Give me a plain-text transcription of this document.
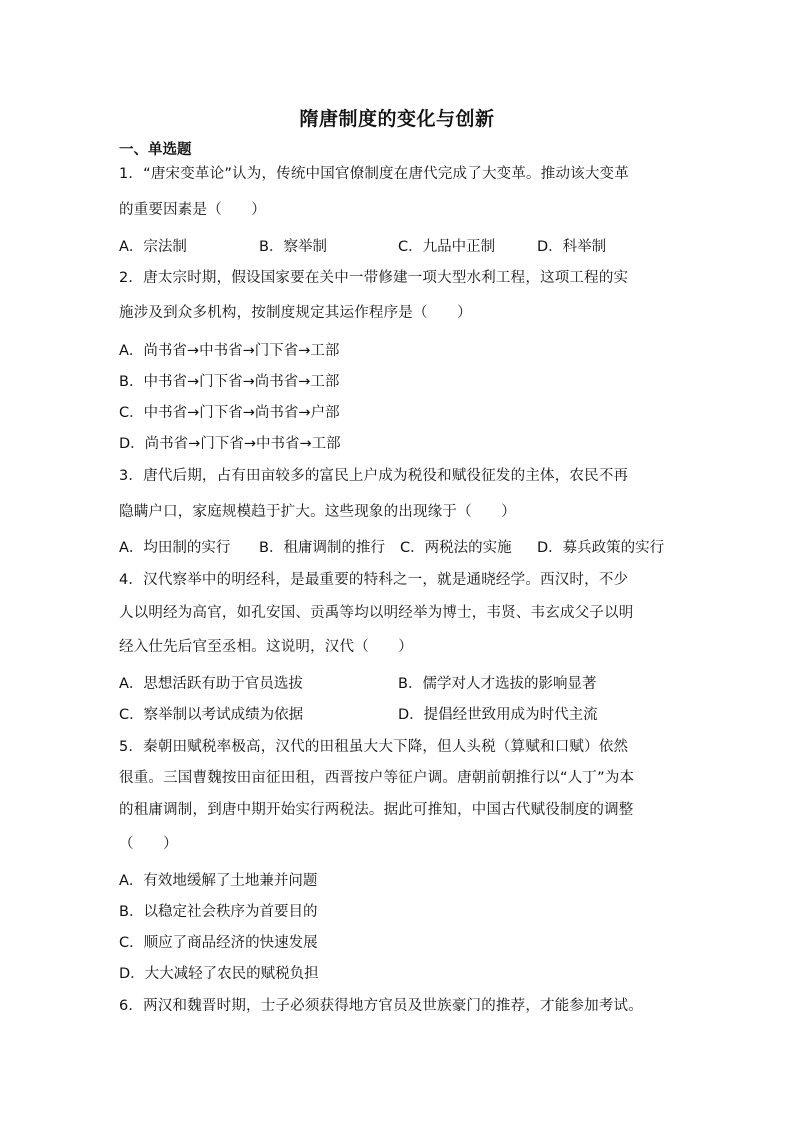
隋唐制度的变化与创新
一、单选题
1．“唐宋变革论”认为，传统中国官僚制度在唐代完成了大变革。推动该大变革
的重要因素是（　　）
A．宗法制	B．察举制	C．九品中正制	D．科举制
2．唐太宗时期，假设国家要在关中一带修建一项大型水利工程，这项工程的实
施涉及到众多机构，按制度规定其运作程序是（　　）
A．尚书省→中书省→门下省→工部
B．中书省→门下省→尚书省→工部
C．中书省→门下省→尚书省→户部
D．尚书省→门下省→中书省→工部
3．唐代后期，占有田亩较多的富民上户成为税役和赋役征发的主体，农民不再
隐瞒户口，家庭规模趋于扩大。这些现象的出现缘于（　　）
A．均田制的实行 B．租庸调制的推行 C．两税法的实施 D．募兵政策的实行
4．汉代察举中的明经科，是最重要的特科之一，就是通晓经学。西汉时，不少
人以明经为高官，如孔安国、贡禹等均以明经举为博士，韦贤、韦玄成父子以明
经入仕先后官至丞相。这说明，汉代（　　）
A．思想活跃有助于官员选拔	B．儒学对人才选拔的影响显著
C．察举制以考试成绩为依据	D．提倡经世致用成为时代主流
5．秦朝田赋税率极高，汉代的田租虽大大下降，但人头税（算赋和口赋）依然
很重。三国曹魏按田亩征田租，西晋按户等征户调。唐朝前朝推行以“人丁”为本
的租庸调制，到唐中期开始实行两税法。据此可推知，中国古代赋役制度的调整
（　　）
A．有效地缓解了土地兼并问题
B．以稳定社会秩序为首要目的
C．顺应了商品经济的快速发展
D．大大减轻了农民的赋税负担
6．两汉和魏晋时期，士子必须获得地方官员及世族豪门的推荐，才能参加考试。
